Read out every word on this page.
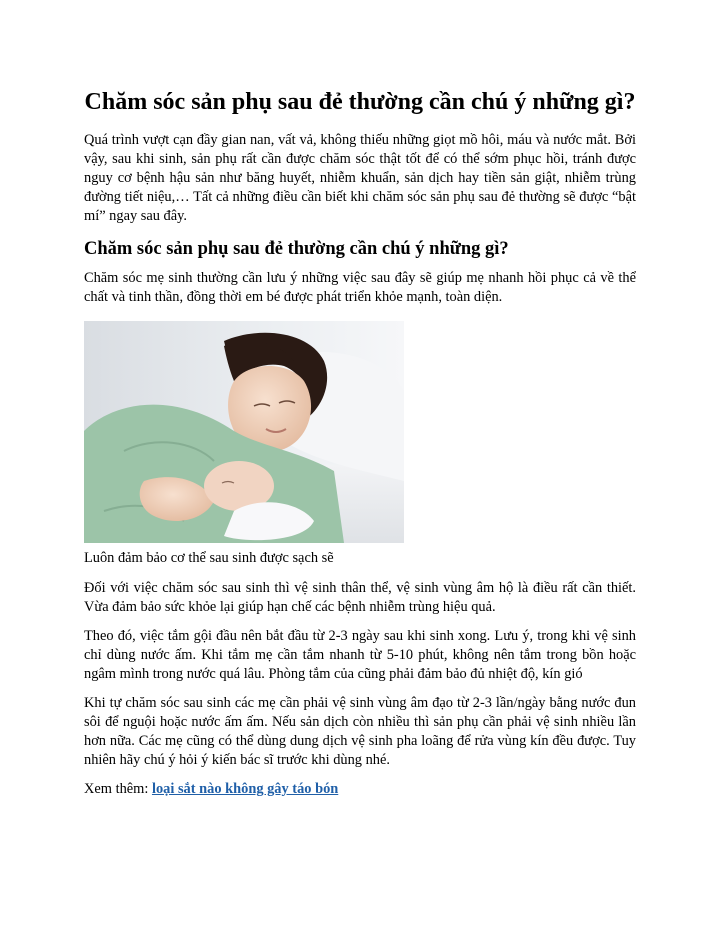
Chăm sóc sản phụ sau đẻ thường cần chú ý những gì?

Quá trình vượt cạn đầy gian nan, vất vả, không thiếu những giọt mồ hôi, máu và nước mắt. Bởi vậy, sau khi sinh, sản phụ rất cần được chăm sóc thật tốt để có thể sớm phục hồi, tránh được nguy cơ bệnh hậu sản như băng huyết, nhiễm khuẩn, sản dịch hay tiền sản giật, nhiễm trùng đường tiết niệu,… Tất cả những điều cần biết khi chăm sóc sản phụ sau đẻ thường sẽ được “bật mí” ngay sau đây.

Chăm sóc sản phụ sau đẻ thường cần chú ý những gì?

Chăm sóc mẹ sinh thường cần lưu ý những việc sau đây sẽ giúp mẹ nhanh hồi phục cả về thể chất và tinh thần, đồng thời em bé được phát triển khỏe mạnh, toàn diện.

Luôn đảm bảo cơ thể sau sinh được sạch sẽ

Đối với việc chăm sóc sau sinh thì vệ sinh thân thể, vệ sinh vùng âm hộ là điều rất cần thiết. Vừa đảm bảo sức khỏe lại giúp hạn chế các bệnh nhiễm trùng hiệu quả.

Theo đó, việc tắm gội đầu nên bắt đầu từ 2-3 ngày sau khi sinh xong. Lưu ý, trong khi vệ sinh chỉ dùng nước ấm. Khi tắm mẹ cần tắm nhanh từ 5-10 phút, không nên tắm trong bồn hoặc ngâm mình trong nước quá lâu. Phòng tắm của cũng phải đảm bảo đủ nhiệt độ, kín gió

Khi tự chăm sóc sau sinh các mẹ cần phải vệ sinh vùng âm đạo từ 2-3 lần/ngày bằng nước đun sôi để nguội hoặc nước ấm ấm. Nếu sản dịch còn nhiều thì sản phụ cần phải vệ sinh nhiều lần hơn nữa. Các mẹ cũng có thể dùng dung dịch vệ sinh pha loãng để rửa vùng kín đều được. Tuy nhiên hãy chú ý hỏi ý kiến bác sĩ trước khi dùng nhé.

Xem thêm: loại sắt nào không gây táo bón
